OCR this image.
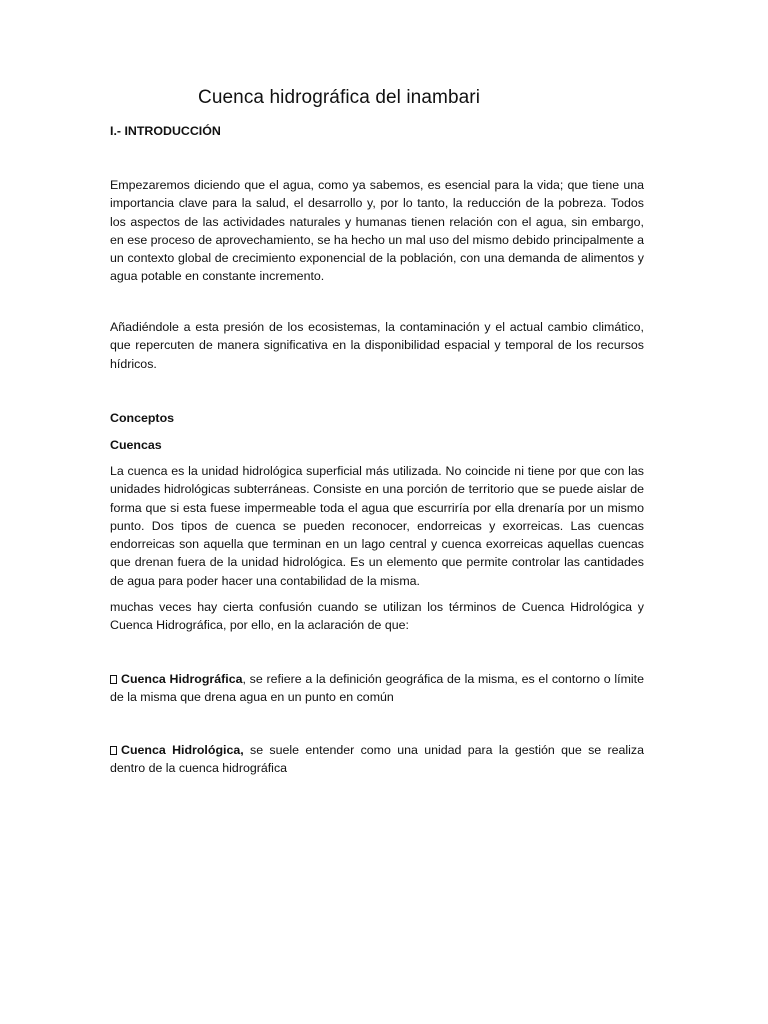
Cuenca hidrográfica del inambari
I.- INTRODUCCIÓN

Empezaremos diciendo que el agua, como ya sabemos, es esencial para la vida; que tiene una importancia clave para la salud, el desarrollo y, por lo tanto, la reducción de la pobreza. Todos los aspectos de las actividades naturales y humanas tienen relación con el agua, sin embargo, en ese proceso de aprovechamiento, se ha hecho un mal uso del mismo debido principalmente a un contexto global de crecimiento exponencial de la población, con una demanda de alimentos y agua potable en constante incremento.

Añadiéndole a esta presión de los ecosistemas, la contaminación y el actual cambio climático, que repercuten de manera significativa en la disponibilidad espacial y temporal de los recursos hídricos.

Conceptos
Cuencas

La cuenca es la unidad hidrológica superficial más utilizada. No coincide ni tiene por que con las unidades hidrológicas subterráneas. Consiste en una porción de territorio que se puede aislar de forma que si esta fuese impermeable toda el agua que escurriría por ella drenaría por un mismo punto. Dos tipos de cuenca se pueden reconocer, endorreicas y exorreicas. Las cuencas endorreicas son aquella que terminan en un lago central y cuenca exorreicas aquellas cuencas que drenan fuera de la unidad hidrológica. Es un elemento que permite controlar las cantidades de agua para poder hacer una contabilidad de la misma.

muchas veces hay cierta confusión cuando se utilizan los términos de Cuenca Hidrológica y Cuenca Hidrográfica, por ello, en la aclaración de que:

Cuenca Hidrográfica, se refiere a la definición geográfica de la misma, es el contorno o límite de la misma que drena agua en un punto en común

Cuenca Hidrológica, se suele entender como una unidad para la gestión que se realiza dentro de la cuenca hidrográfica
